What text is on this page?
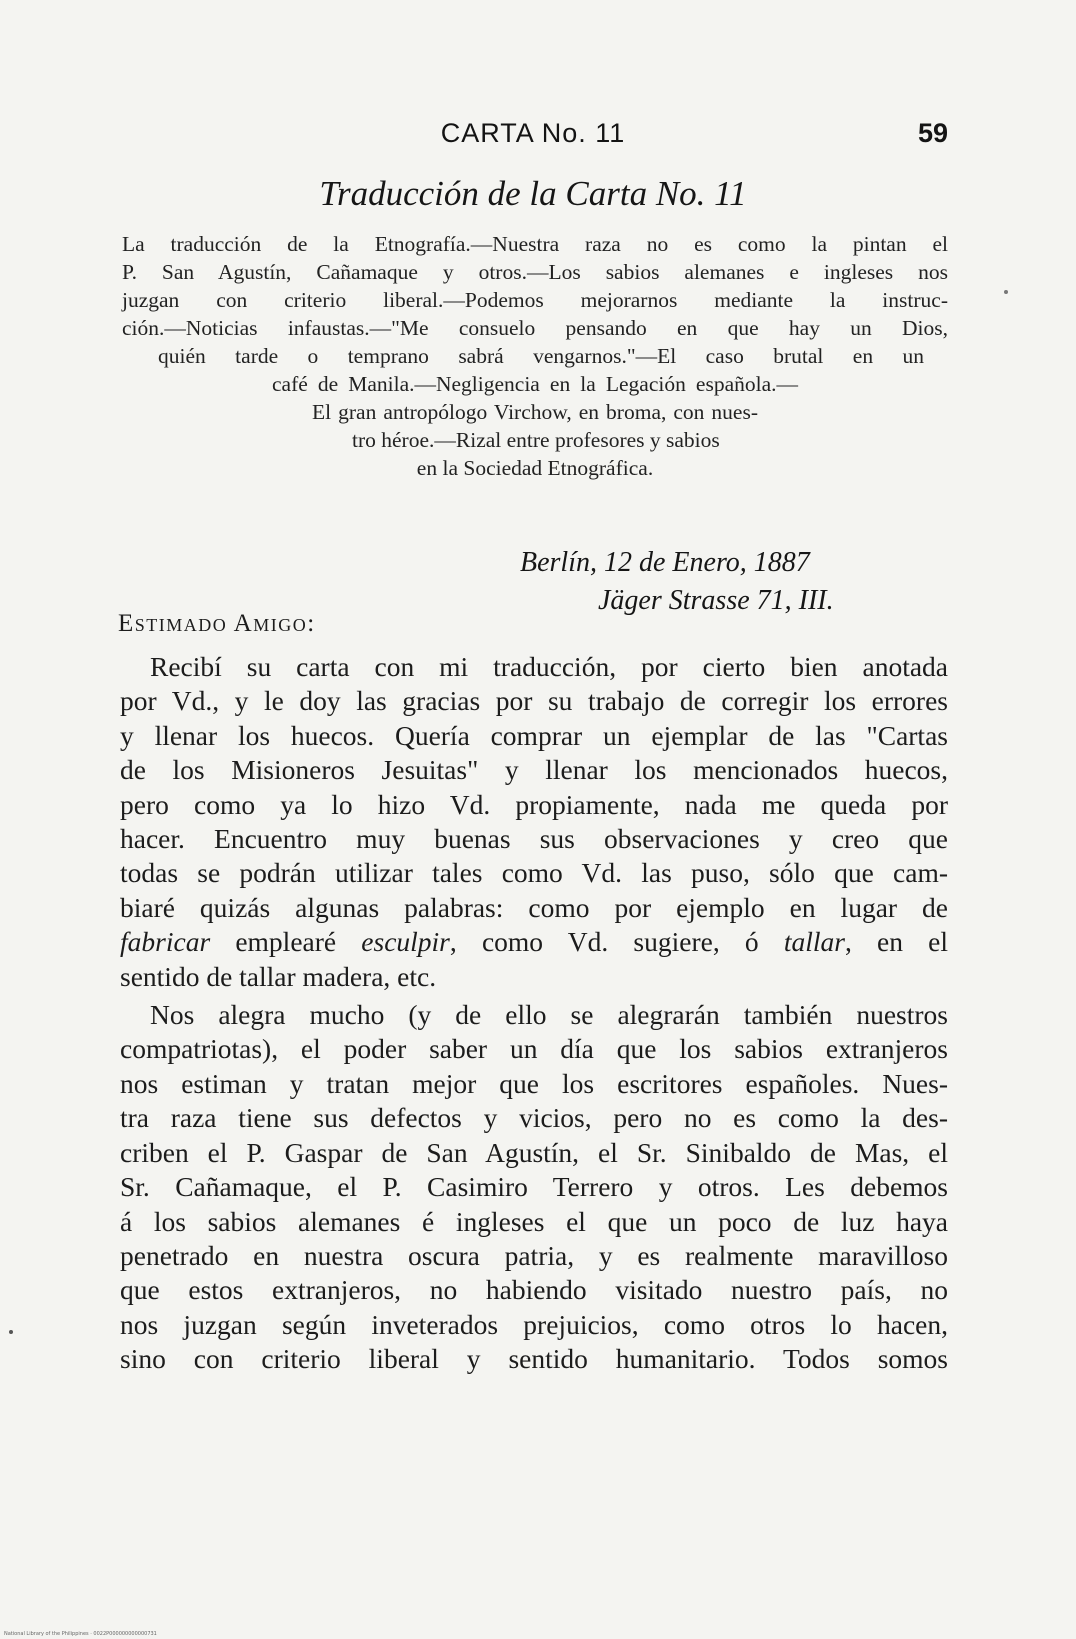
CARTA No. 11	59
Traducción de la Carta No. 11
La traducción de la Etnografía.—Nuestra raza no es como la pintan el
P. San Agustín, Cañamaque y otros.—Los sabios alemanes e ingleses nos
juzgan con criterio liberal.—Podemos mejorarnos mediante la instruc-
ción.—Noticias infaustas.—"Me consuelo pensando en que hay un Dios,
quién tarde o temprano sabrá vengarnos."—El caso brutal en un
café de Manila.—Negligencia en la Legación española.—
El gran antropólogo Virchow, en broma, con nues-
tro héroe.—Rizal entre profesores y sabios
en la Sociedad Etnográfica.
Berlín, 12 de Enero, 1887
Jäger Strasse 71, III.
Estimado Amigo:
Recibí su carta con mi traducción, por cierto bien anotada
por Vd., y le doy las gracias por su trabajo de corregir los errores
y llenar los huecos. Quería comprar un ejemplar de las "Cartas
de los Misioneros Jesuitas" y llenar los mencionados huecos,
pero como ya lo hizo Vd. propiamente, nada me queda por
hacer. Encuentro muy buenas sus observaciones y creo que
todas se podrán utilizar tales como Vd. las puso, sólo que cam-
biaré quizás algunas palabras: como por ejemplo en lugar de
fabricar emplearé esculpir, como Vd. sugiere, ó tallar, en el
sentido de tallar madera, etc.
Nos alegra mucho (y de ello se alegrarán también nuestros
compatriotas), el poder saber un día que los sabios extranjeros
nos estiman y tratan mejor que los escritores españoles. Nues-
tra raza tiene sus defectos y vicios, pero no es como la des-
criben el P. Gaspar de San Agustín, el Sr. Sinibaldo de Mas, el
Sr. Cañamaque, el P. Casimiro Terrero y otros. Les debemos
á los sabios alemanes é ingleses el que un poco de luz haya
penetrado en nuestra oscura patria, y es realmente maravilloso
que estos extranjeros, no habiendo visitado nuestro país, no
nos juzgan según inveterados prejuicios, como otros lo hacen,
sino con criterio liberal y sentido humanitario. Todos somos
National Library of the Philippines · 0022P000000000000731
